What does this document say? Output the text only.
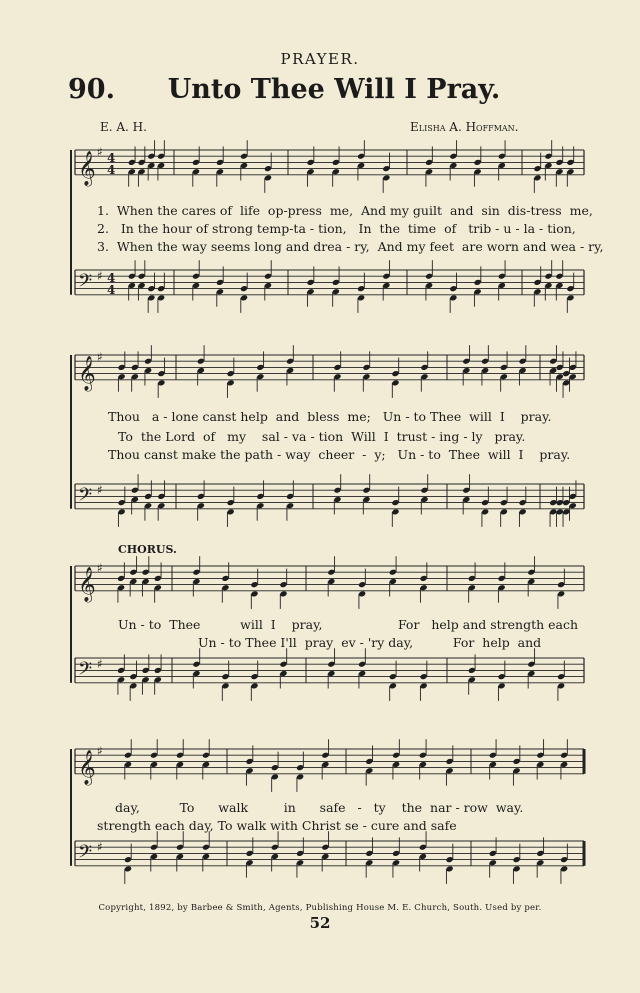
PRAYER.
90.	Unto Thee Will I Pray.
E. A. H.	Elisha A. Hoffman.
𝄞 ♯ 4
4
𝄢 ♯ 4
4
𝄞 ♯
𝄢 ♯
𝄞 ♯
𝄢 ♯
𝄞 ♯
𝄢 ♯
1.  When the cares of  life  op-press  me,  And my guilt  and  sin  dis-tress  me,
2.   In the hour of strong temp-ta - tion,   In  the  time  of   trib - u - la - tion,
3.  When the way seems long and drea - ry,  And my feet  are worn and wea - ry,
Thou   a - lone canst help  and  bless  me;   Un - to Thee  will  I    pray.
To  the Lord  of   my    sal - va - tion  Will  I  trust - ing - ly   pray.
Thou canst make the path - way  cheer  -  y;   Un - to  Thee  will  I    pray.
CHORUS.
Un - to  Thee          will  I    pray,                   For   help and strength each
Un - to Thee I'll  pray  ev - 'ry day,          For  help  and
day,          To      walk         in      safe   -   ty    the  nar - row  way.
strength each day, To walk with Christ se - cure and safe
Copyright, 1892, by Barbee & Smith, Agents, Publishing House M. E. Church, South. Used by per.
52
